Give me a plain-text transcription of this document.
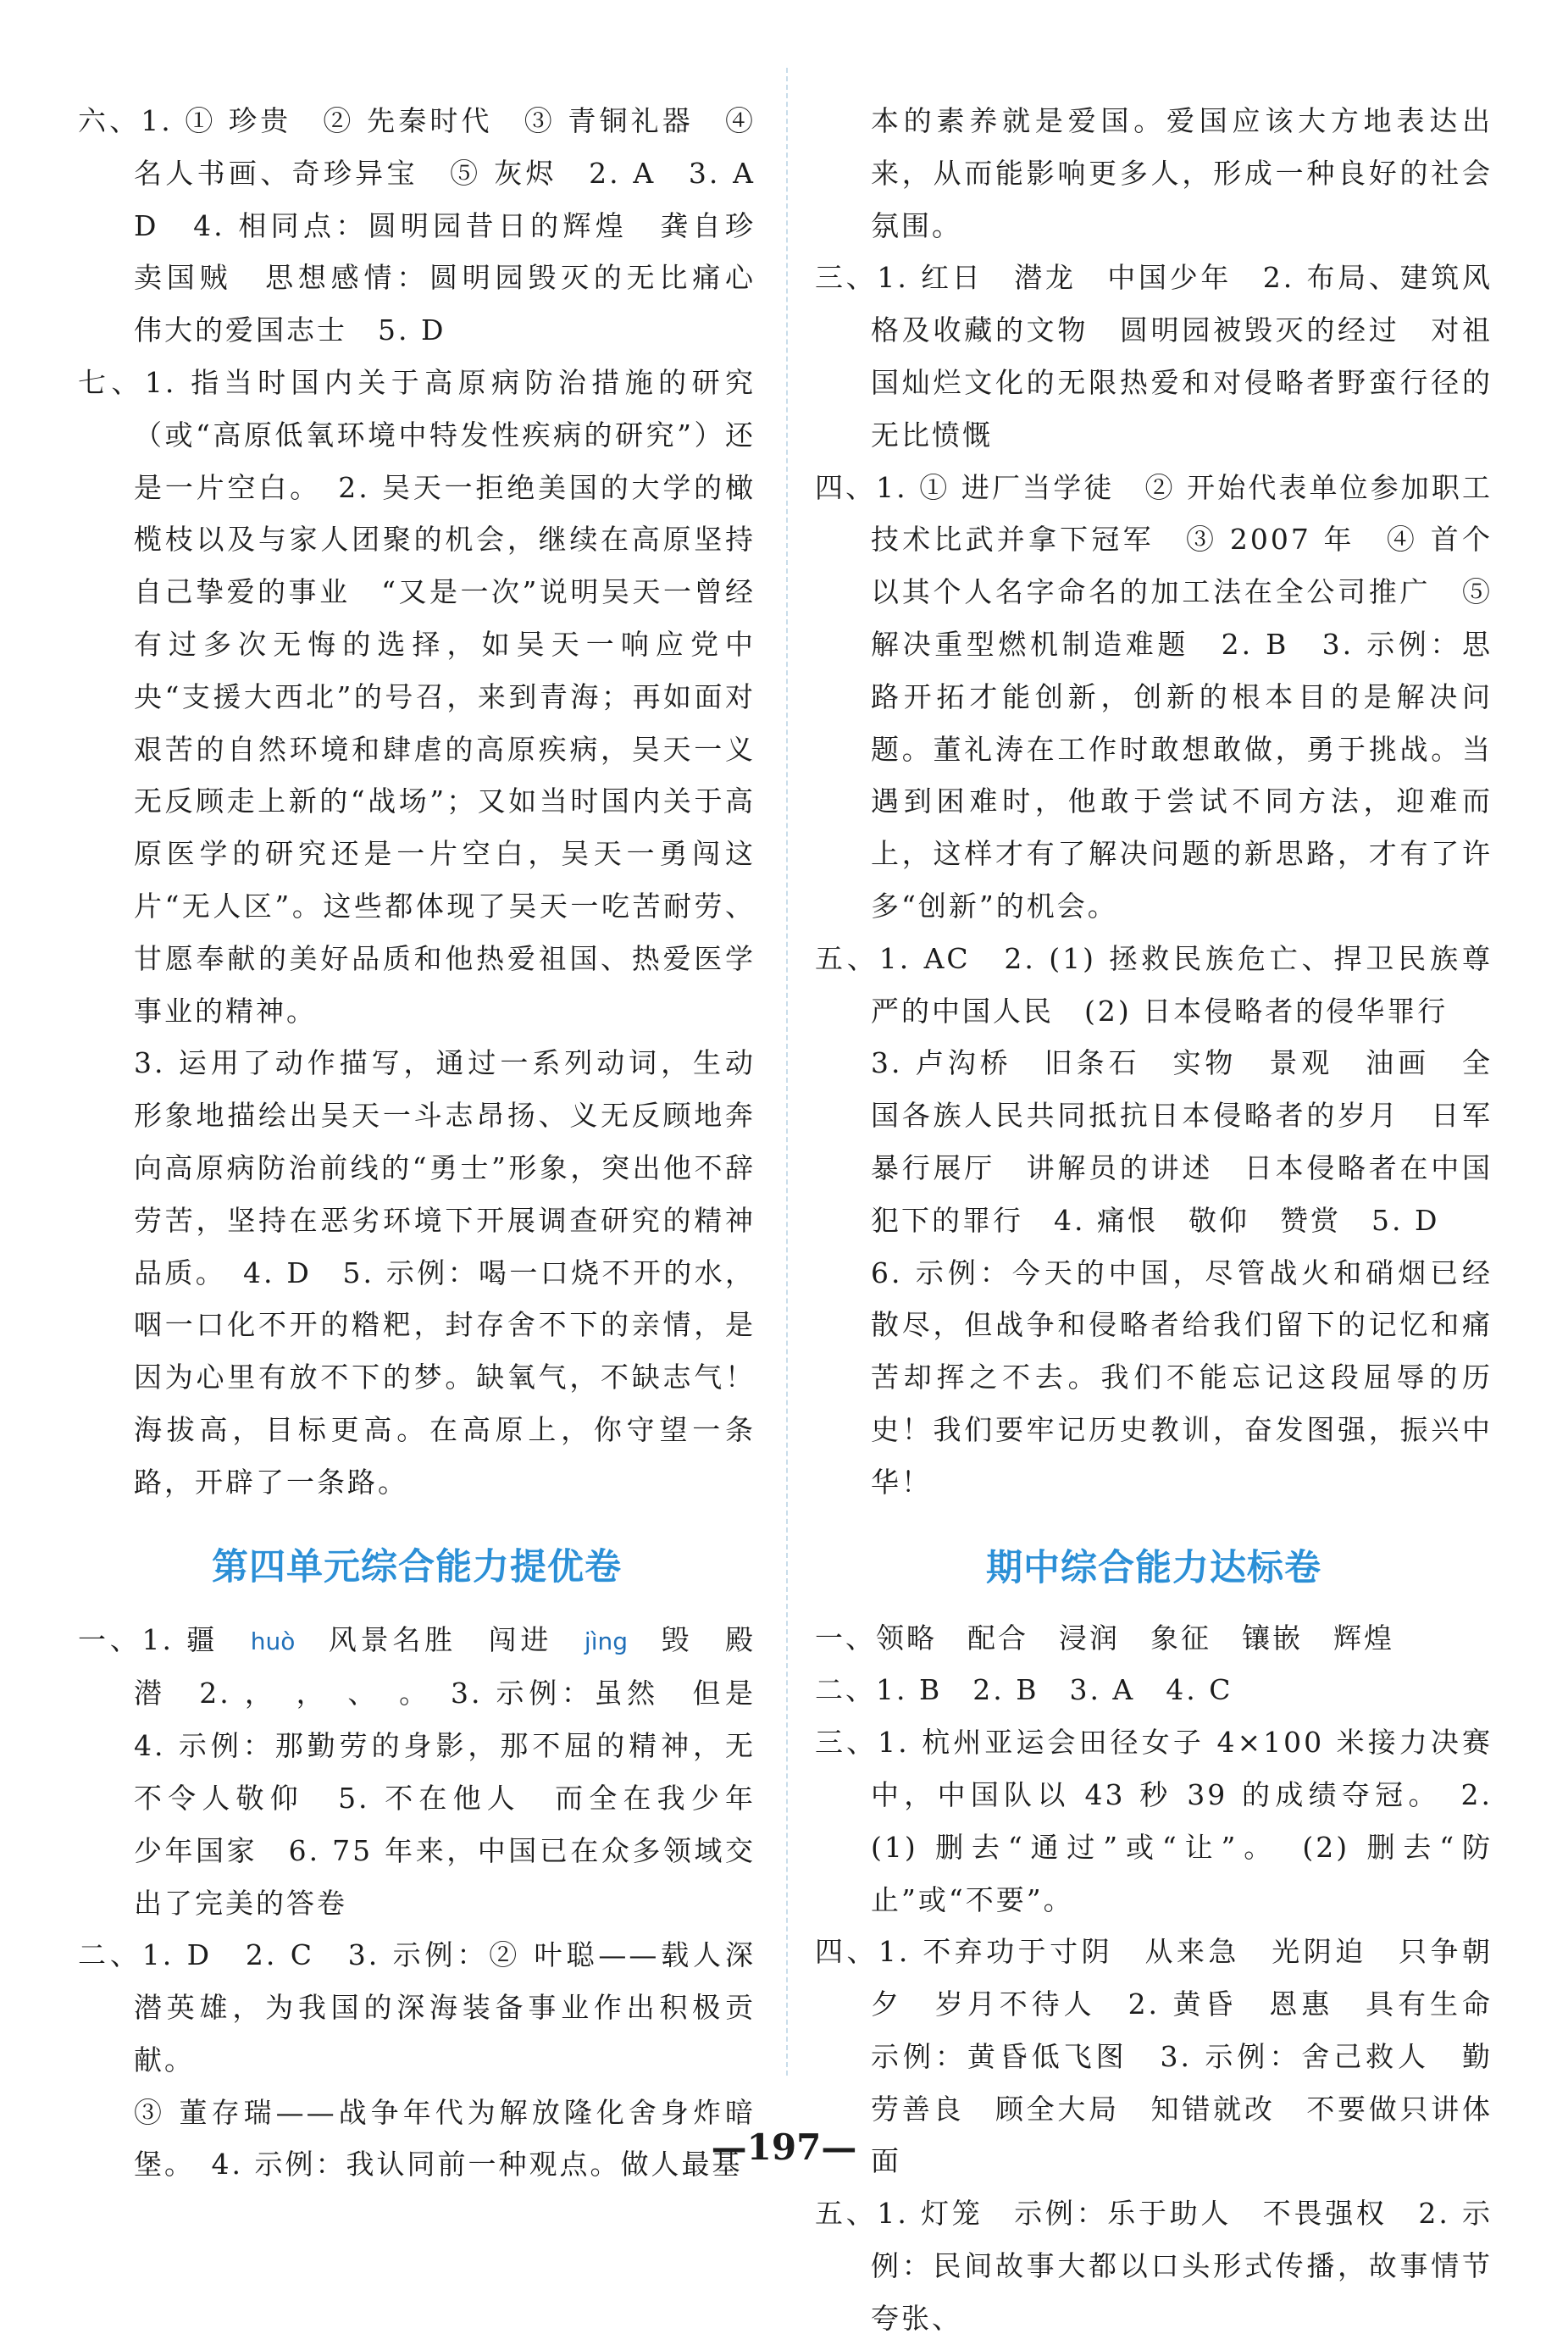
六、1. ① 珍贵　② 先秦时代　③ 青铜礼器　④ 名人书画、奇珍异宝　⑤ 灰烬　2. A　3. A　D　4. 相同点：圆明园昔日的辉煌　龚自珍　卖国贼　思想感情：圆明园毁灭的无比痛心　伟大的爱国志士　5. D
七、1. 指当时国内关于高原病防治措施的研究（或“高原低氧环境中特发性疾病的研究”）还是一片空白。　2. 吴天一拒绝美国的大学的橄榄枝以及与家人团聚的机会，继续在高原坚持自己挚爱的事业　“又是一次”说明吴天一曾经有过多次无悔的选择，如吴天一响应党中央“支援大西北”的号召，来到青海；再如面对艰苦的自然环境和肆虐的高原疾病，吴天一义无反顾走上新的“战场”；又如当时国内关于高原医学的研究还是一片空白，吴天一勇闯这片“无人区”。这些都体现了吴天一吃苦耐劳、甘愿奉献的美好品质和他热爱祖国、热爱医学事业的精神。
3. 运用了动作描写，通过一系列动词，生动形象地描绘出吴天一斗志昂扬、义无反顾地奔向高原病防治前线的“勇士”形象，突出他不辞劳苦，坚持在恶劣环境下开展调查研究的精神品质。　4. D　5. 示例：喝一口烧不开的水，咽一口化不开的糌粑，封存舍不下的亲情，是因为心里有放不下的梦。缺氧气，不缺志气！海拔高，目标更高。在高原上，你守望一条路，开辟了一条路。
第四单元综合能力提优卷
一、1. 疆　huò　风景名胜　闯进　jìng　毁　殿潜　2. ，　，　、　。　3. 示例：虽然　但是　4. 示例：那勤劳的身影，那不屈的精神，无不令人敬仰　5. 不在他人　而全在我少年　少年国家　6. 75 年来，中国已在众多领域交出了完美的答卷
二、1. D　2. C　3. 示例：② 叶聪——载人深潜英雄，为我国的深海装备事业作出积极贡献。
③ 董存瑞——战争年代为解放隆化舍身炸暗堡。　4. 示例：我认同前一种观点。做人最基
本的素养就是爱国。爱国应该大方地表达出来，从而能影响更多人，形成一种良好的社会氛围。
三、1. 红日　潜龙　中国少年　2. 布局、建筑风格及收藏的文物　圆明园被毁灭的经过　对祖国灿烂文化的无限热爱和对侵略者野蛮行径的无比愤慨
四、1. ① 进厂当学徒　② 开始代表单位参加职工技术比武并拿下冠军　③ 2007 年　④ 首个以其个人名字命名的加工法在全公司推广　⑤ 解决重型燃机制造难题　2. B　3. 示例：思路开拓才能创新，创新的根本目的是解决问题。董礼涛在工作时敢想敢做，勇于挑战。当遇到困难时，他敢于尝试不同方法，迎难而上，这样才有了解决问题的新思路，才有了许多“创新”的机会。
五、1. AC　2. (1) 拯救民族危亡、捍卫民族尊严的中国人民　(2) 日本侵略者的侵华罪行
3. 卢沟桥　旧条石　实物　景观　油画　全国各族人民共同抵抗日本侵略者的岁月　日军暴行展厅　讲解员的讲述　日本侵略者在中国犯下的罪行　4. 痛恨　敬仰　赞赏　5. D
6. 示例：今天的中国，尽管战火和硝烟已经散尽，但战争和侵略者给我们留下的记忆和痛苦却挥之不去。我们不能忘记这段屈辱的历史！我们要牢记历史教训，奋发图强，振兴中华！
期中综合能力达标卷
一、领略　配合　浸润　象征　镶嵌　辉煌
二、1. B　2. B　3. A　4. C
三、1. 杭州亚运会田径女子 4×100 米接力决赛中，中国队以 43 秒 39 的成绩夺冠。　2. (1) 删去“通过”或“让”。　(2) 删去“防止”或“不要”。
四、1. 不弃功于寸阴　从来急　光阴迫　只争朝夕　岁月不待人　2. 黄昏　恩惠　具有生命　示例：黄昏低飞图　3. 示例：舍己救人　勤劳善良　顾全大局　知错就改　不要做只讲体面
五、1. 灯笼　示例：乐于助人　不畏强权　2. 示例：民间故事大都以口头形式传播，故事情节夸张、
—197—
